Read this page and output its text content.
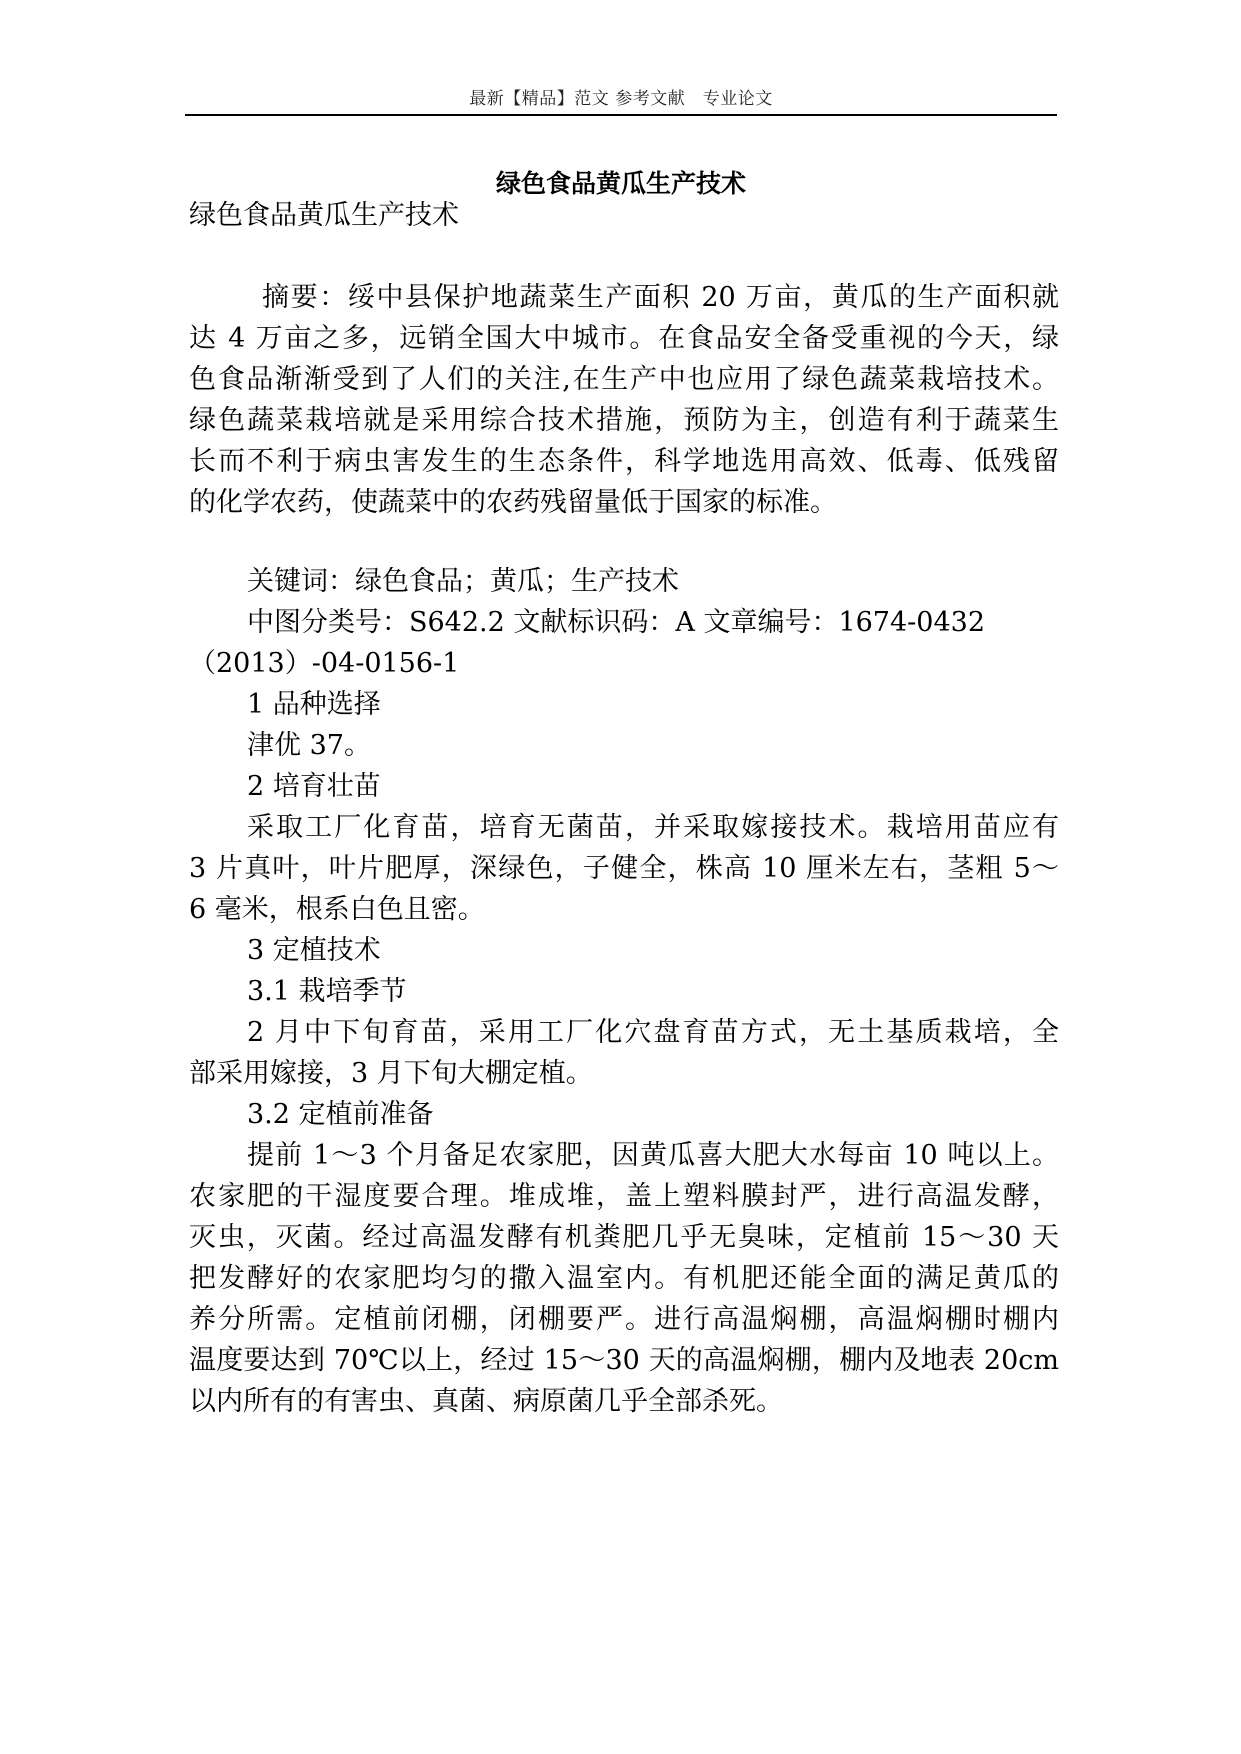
最新【精品】范文 参考文献　专业论文
绿色食品黄瓜生产技术
绿色食品黄瓜生产技术
摘要：绥中县保护地蔬菜生产面积 20 万亩，黄瓜的生产面积就
达 4 万亩之多，远销全国大中城市。在食品安全备受重视的今天，绿
色食品渐渐受到了人们的关注,在生产中也应用了绿色蔬菜栽培技术。
绿色蔬菜栽培就是采用综合技术措施，预防为主，创造有利于蔬菜生
长而不利于病虫害发生的生态条件，科学地选用高效、低毒、低残留
的化学农药，使蔬菜中的农药残留量低于国家的标准。
关键词：绿色食品；黄瓜；生产技术
中图分类号：S642.2 文献标识码：A 文章编号：1674-0432
（2013）-04-0156-1
1 品种选择
津优 37。
2 培育壮苗
采取工厂化育苗，培育无菌苗，并采取嫁接技术。栽培用苗应有
3 片真叶，叶片肥厚，深绿色，子健全，株高 10 厘米左右，茎粗 5～
6 毫米，根系白色且密。
3 定植技术
3.1 栽培季节
2 月中下旬育苗，采用工厂化穴盘育苗方式，无土基质栽培，全
部采用嫁接，3 月下旬大棚定植。
3.2 定植前准备
提前 1～3 个月备足农家肥，因黄瓜喜大肥大水每亩 10 吨以上。
农家肥的干湿度要合理。堆成堆，盖上塑料膜封严，进行高温发酵，
灭虫，灭菌。经过高温发酵有机粪肥几乎无臭味，定植前 15～30 天
把发酵好的农家肥均匀的撒入温室内。有机肥还能全面的满足黄瓜的
养分所需。定植前闭棚，闭棚要严。进行高温焖棚，高温焖棚时棚内
温度要达到 70℃以上，经过 15～30 天的高温焖棚，棚内及地表 20cm
以内所有的有害虫、真菌、病原菌几乎全部杀死。
